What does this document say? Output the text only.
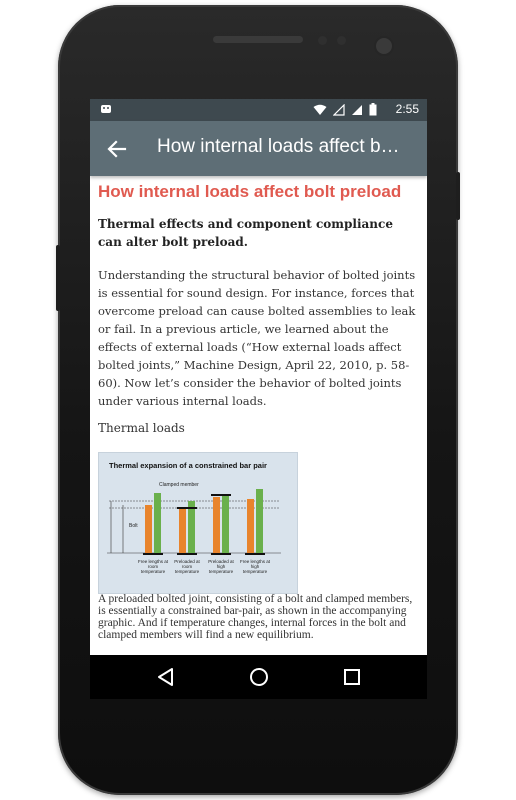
2:55
How internal loads affect b…
How internal loads affect bolt preload
Thermal effects and component compliance can alter bolt preload.
Understanding the structural behavior of bolted joints is essential for sound design. For instance, forces that overcome preload can cause bolted assemblies to leak or fail. In a previous article, we learned about the effects of external loads (“How external loads affect bolted joints,” Machine Design, April 22, 2010, p. 58-60). Now let’s consider the behavior of bolted joints under various internal loads.
Thermal loads
Thermal expansion of a constrained bar pair
Clamped member
Bolt
Free lengths at room temperature
Preloaded at room temperature
Preloaded at high temperature
Free lengths at high temperature
A preloaded bolted joint, consisting of a bolt and clamped members, is essentially a constrained bar-pair, as shown in the accompanying graphic. And if temperature changes, internal forces in the bolt and clamped members will find a new equilibrium.
